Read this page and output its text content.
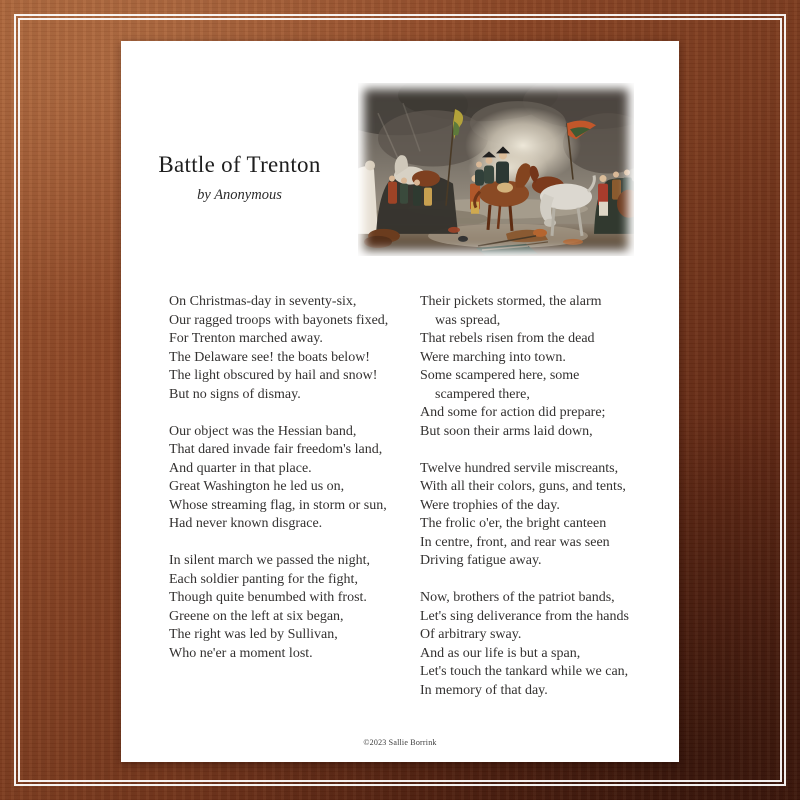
Battle of Trenton
by Anonymous
On Christmas-day in seventy-six,
Our ragged troops with bayonets fixed,
For Trenton marched away.
The Delaware see! the boats below!
The light obscured by hail and snow!
But no signs of dismay.
Our object was the Hessian band,
That dared invade fair freedom's land,
And quarter in that place.
Great Washington he led us on,
Whose streaming flag, in storm or sun,
Had never known disgrace.
In silent march we passed the night,
Each soldier panting for the fight,
Though quite benumbed with frost.
Greene on the left at six began,
The right was led by Sullivan,
Who ne'er a moment lost.
Their pickets stormed, the alarm
was spread,
That rebels risen from the dead
Were marching into town.
Some scampered here, some
scampered there,
And some for action did prepare;
But soon their arms laid down,
Twelve hundred servile miscreants,
With all their colors, guns, and tents,
Were trophies of the day.
The frolic o'er, the bright canteen
In centre, front, and rear was seen
Driving fatigue away.
Now, brothers of the patriot bands,
Let's sing deliverance from the hands
Of arbitrary sway.
And as our life is but a span,
Let's touch the tankard while we can,
In memory of that day.
©2023 Sallie Borrink
